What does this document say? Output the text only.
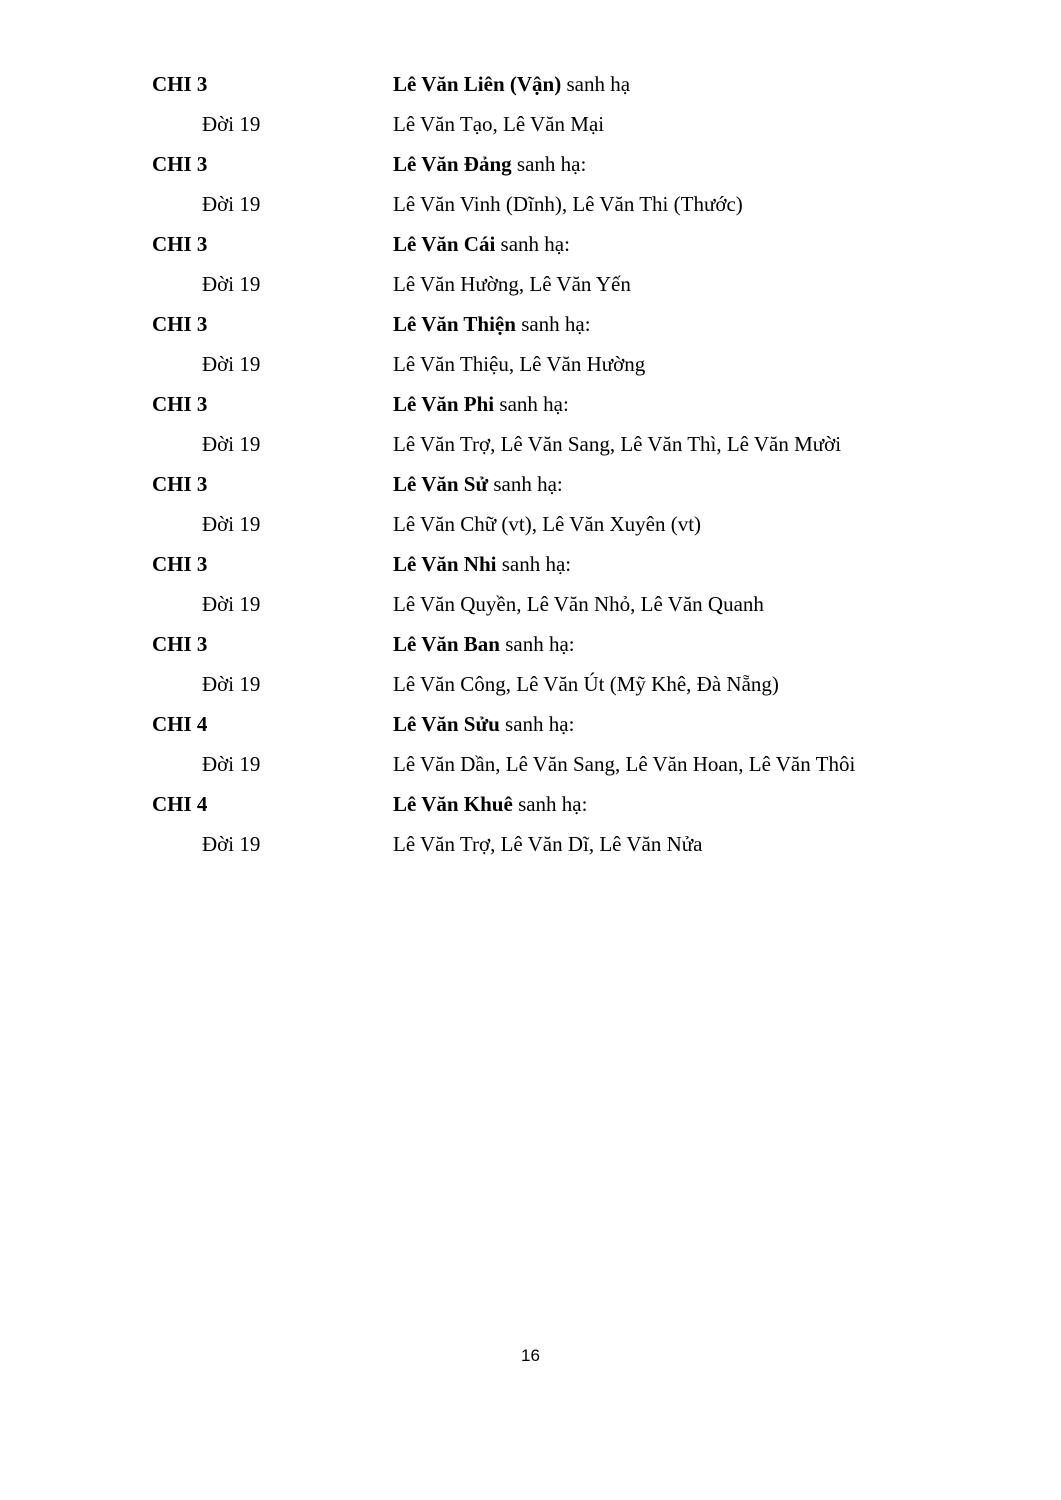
CHI 3	Lê Văn Liên (Vận) sanh hạ
Đời 19	Lê Văn Tạo, Lê Văn Mại
CHI 3	Lê Văn Đảng sanh hạ:
Đời 19	Lê Văn Vinh (Dĩnh), Lê Văn Thi (Thước)
CHI 3	Lê Văn Cái sanh hạ:
Đời 19	Lê Văn Hường, Lê Văn Yến
CHI 3	Lê Văn Thiện sanh hạ:
Đời 19	Lê Văn Thiệu, Lê Văn Hường
CHI 3	Lê Văn Phi sanh hạ:
Đời 19	Lê Văn Trợ, Lê Văn Sang, Lê Văn Thì, Lê Văn Mười
CHI 3	Lê Văn Sử sanh hạ:
Đời 19	Lê Văn Chữ (vt), Lê Văn Xuyên (vt)
CHI 3	Lê Văn Nhi sanh hạ:
Đời 19	Lê Văn Quyền, Lê Văn Nhỏ, Lê Văn Quanh
CHI 3	Lê Văn Ban sanh hạ:
Đời 19	Lê Văn Công, Lê Văn Út (Mỹ Khê, Đà Nẵng)
CHI 4	Lê Văn Sửu sanh hạ:
Đời 19	Lê Văn Dần, Lê Văn Sang, Lê Văn Hoan, Lê Văn Thôi
CHI 4	Lê Văn Khuê sanh hạ:
Đời 19	Lê Văn Trợ, Lê Văn Dĩ, Lê Văn Nửa
16
